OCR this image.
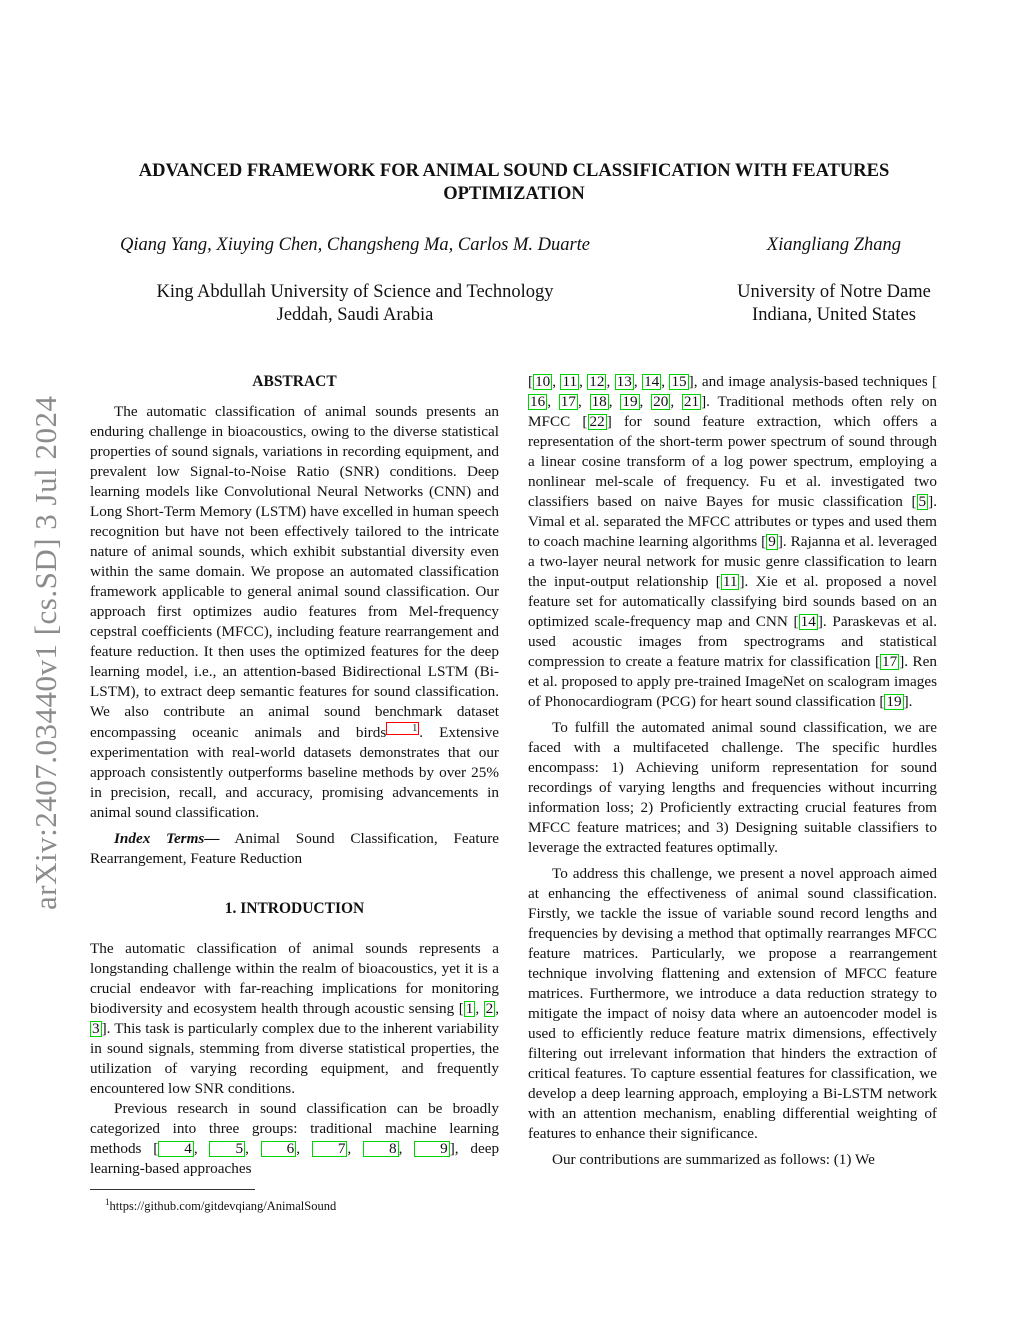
arXiv:2407.03440v1 [cs.SD] 3 Jul 2024
ADVANCED FRAMEWORK FOR ANIMAL SOUND CLASSIFICATION WITH FEATURES
OPTIMIZATION
Qiang Yang, Xiuying Chen, Changsheng Ma, Carlos M. Duarte
King Abdullah University of Science and Technology
Jeddah, Saudi Arabia
Xiangliang Zhang
University of Notre Dame
Indiana, United States
ABSTRACT

The automatic classification of animal sounds presents an enduring challenge in bioacoustics, owing to the diverse statistical properties of sound signals, variations in recording equipment, and prevalent low Signal-to-Noise Ratio (SNR) conditions. Deep learning models like Convolutional Neural Networks (CNN) and Long Short-Term Memory (LSTM) have excelled in human speech recognition but have not been effectively tailored to the intricate nature of animal sounds, which exhibit substantial diversity even within the same domain. We propose an automated classification framework applicable to general animal sound classification. Our approach first optimizes audio features from Mel-frequency cepstral coefficients (MFCC), including feature rearrangement and feature reduction. It then uses the optimized features for the deep learning model, i.e., an attention-based Bidirectional LSTM (Bi-LSTM), to extract deep semantic features for sound classification. We also contribute an animal sound benchmark dataset encompassing oceanic animals and birds	1 . Extensive experimentation with real-world datasets demonstrates that our approach consistently outperforms baseline methods by over 25% in precision, recall, and accuracy, promising advancements in animal sound classification.

Index Terms— Animal Sound Classification, Feature Rearrangement, Feature Reduction

1. INTRODUCTION

The automatic classification of animal sounds represents a longstanding challenge within the realm of bioacoustics, yet it is a crucial endeavor with far-reaching implications for monitoring biodiversity and ecosystem health through acoustic sensing [ 1 , 2 , 3 ]. This task is particularly complex due to the inherent variability in sound signals, stemming from diverse statistical properties, the utilization of varying recording equipment, and frequently encountered low SNR conditions.

Previous research in sound classification can be broadly categorized into three groups: traditional machine learning methods [ 4 , 5 , 6 , 7 , 8 , 9 ], deep learning-based approaches

$^1$https://github.com/gitdevqiang/AnimalSound

[ 10 , 11 , 12 , 13 , 14 , 15 ], and image analysis-based techniques [16 , 17 , 18 , 19 , 20 , 21 ]. Traditional methods often rely on MFCC [ 22 ] for sound feature extraction, which offers a representation of the short-term power spectrum of sound through a linear cosine transform of a log power spectrum, employing a nonlinear mel-scale of frequency. Fu et al. investigated two classifiers based on naive Bayes for music classification [ 5 ]. Vimal et al. separated the MFCC attributes or types and used them to coach machine learning algorithms [ 9 ]. Rajanna et al. leveraged a two-layer neural network for music genre classification to learn the input-output relationship [ 11 ]. Xie et al. proposed a novel feature set for automatically classifying bird sounds based on an optimized scale-frequency map and CNN [ 14 ]. Paraskevas et al. used acoustic images from spectrograms and statistical compression to create a feature matrix for classification [ 17 ]. Ren et al. proposed to apply pre-trained ImageNet on scalogram images of Phonocardiogram (PCG) for heart sound classification [ 19 ].

To fulfill the automated animal sound classification, we are faced with a multifaceted challenge. The specific hurdles encompass: 1) Achieving uniform representation for sound recordings of varying lengths and frequencies without incurring information loss; 2) Proficiently extracting crucial features from MFCC feature matrices; and 3) Designing suitable classifiers to leverage the extracted features optimally.

To address this challenge, we present a novel approach aimed at enhancing the effectiveness of animal sound classification. Firstly, we tackle the issue of variable sound record lengths and frequencies by devising a method that optimally rearranges MFCC feature matrices. Particularly, we propose a rearrangement technique involving flattening and extension of MFCC feature matrices. Furthermore, we introduce a data reduction strategy to mitigate the impact of noisy data where an autoencoder model is used to efficiently reduce feature matrix dimensions, effectively filtering out irrelevant information that hinders the extraction of critical features. To capture essential features for classification, we develop a deep learning approach, employing a Bi-LSTM network with an attention mechanism, enabling differential weighting of features to enhance their significance.

Our contributions are summarized as follows: (1) We
